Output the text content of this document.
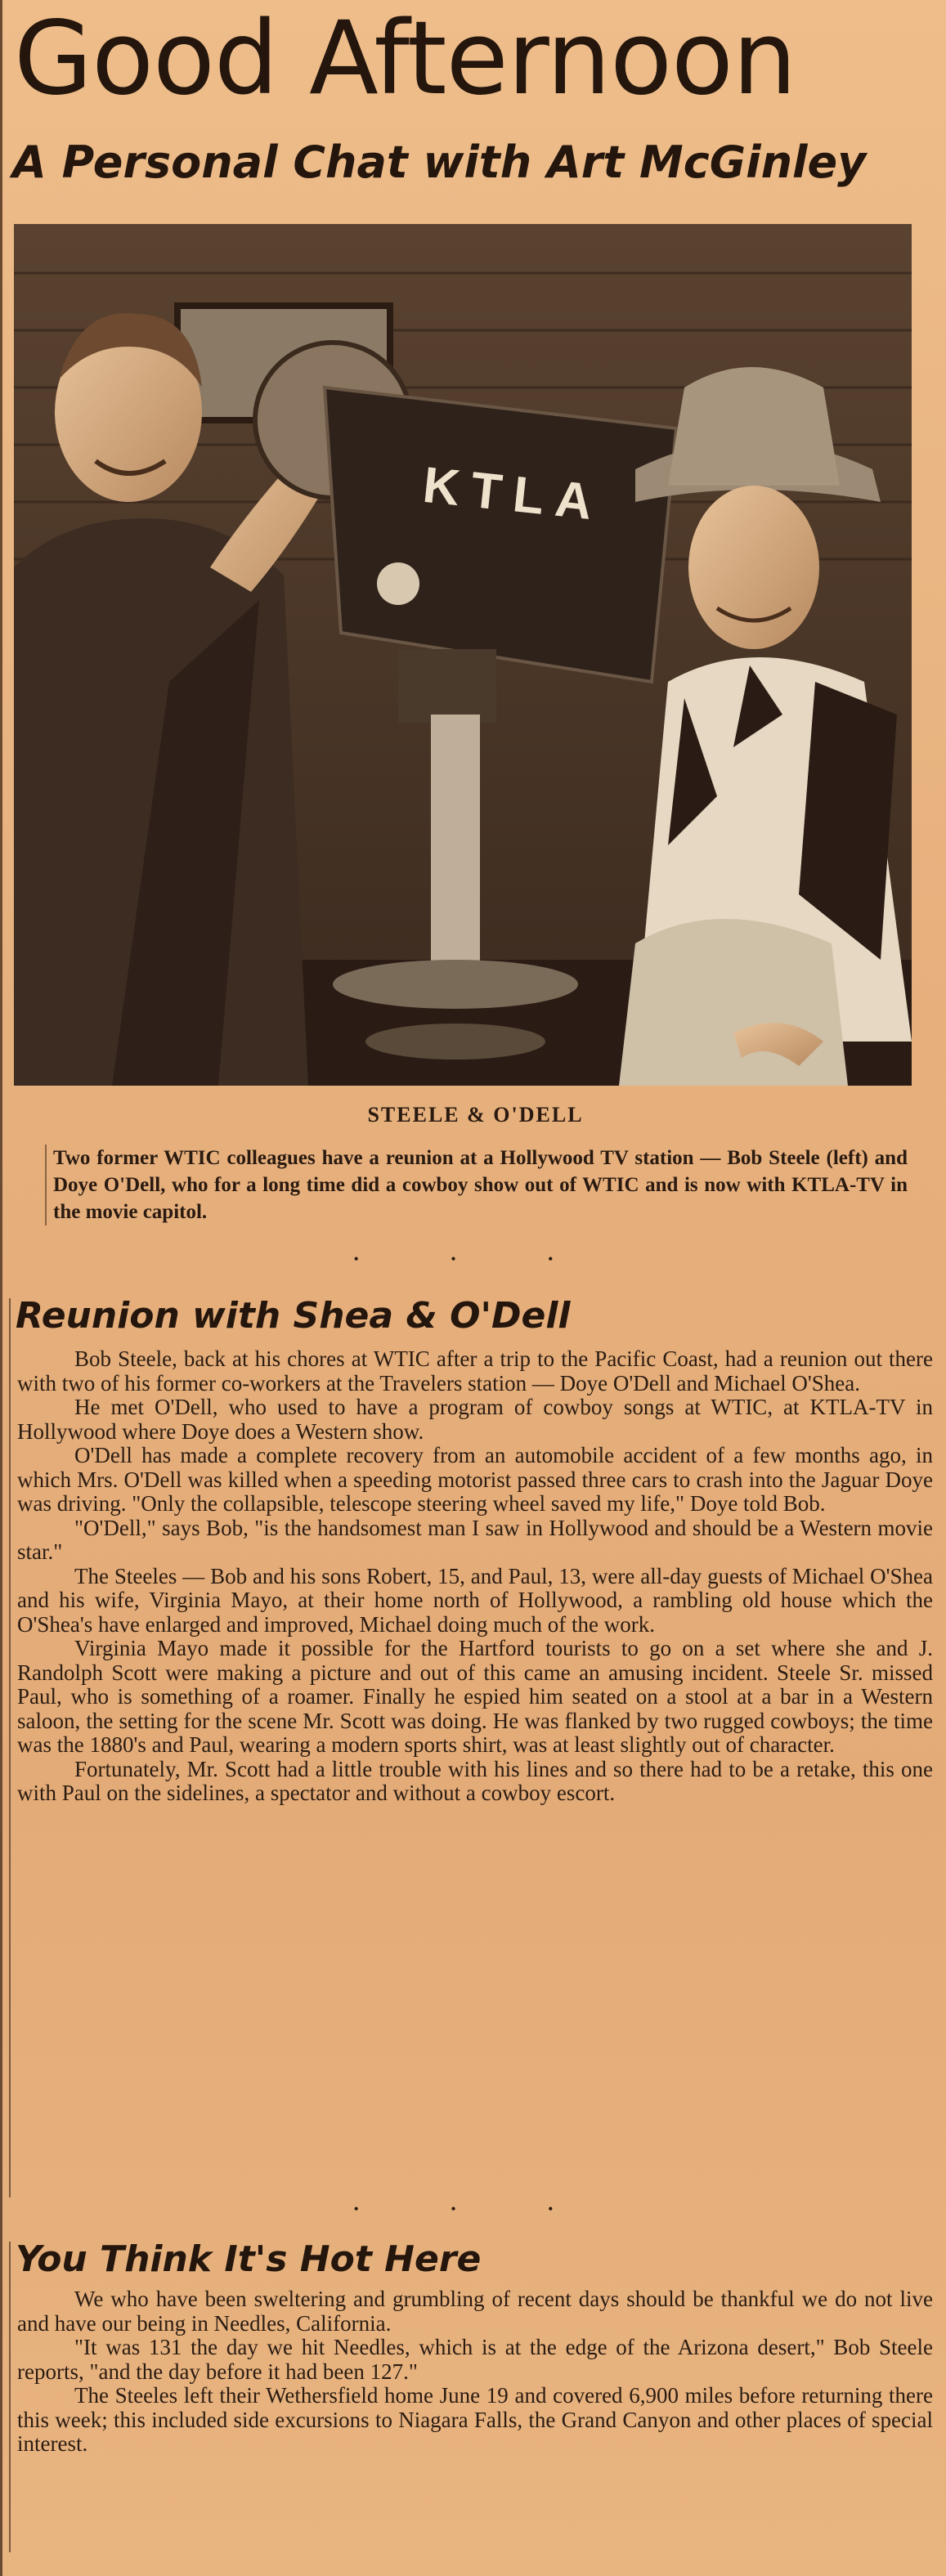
Good Afternoon
A Personal Chat with Art McGinley
KTLA
STEELE & O'DELL
Two former WTIC colleagues have a reunion at a Hollywood TV station — Bob Steele (left) and Doye O'Dell, who for a long time did a cowboy show out of WTIC and is now with KTLA-TV in the movie capitol.
• • •
Reunion with Shea & O'Dell

Bob Steele, back at his chores at WTIC after a trip to the Pacific Coast, had a reunion out there with two of his former co-workers at the Travelers station — Doye O'Dell and Michael O'Shea.

He met O'Dell, who used to have a program of cowboy songs at WTIC, at KTLA-TV in Hollywood where Doye does a Western show.

O'Dell has made a complete recovery from an automobile accident of a few months ago, in which Mrs. O'Dell was killed when a speeding motorist passed three cars to crash into the Jaguar Doye was driving. "Only the collapsible, telescope steering wheel saved my life," Doye told Bob.

"O'Dell," says Bob, "is the handsomest man I saw in Hollywood and should be a Western movie star."

The Steeles — Bob and his sons Robert, 15, and Paul, 13, were all-day guests of Michael O'Shea and his wife, Virginia Mayo, at their home north of Hollywood, a rambling old house which the O'Shea's have enlarged and improved, Michael doing much of the work.

Virginia Mayo made it possible for the Hartford tourists to go on a set where she and J. Randolph Scott were making a picture and out of this came an amusing incident. Steele Sr. missed Paul, who is something of a roamer. Finally he espied him seated on a stool at a bar in a Western saloon, the setting for the scene Mr. Scott was doing. He was flanked by two rugged cowboys; the time was the 1880's and Paul, wearing a modern sports shirt, was at least slightly out of character.

Fortunately, Mr. Scott had a little trouble with his lines and so there had to be a retake, this one with Paul on the sidelines, a spectator and without a cowboy escort.

• • •
You Think It's Hot Here

We who have been sweltering and grumbling of recent days should be thankful we do not live and have our being in Needles, California.

"It was 131 the day we hit Needles, which is at the edge of the Arizona desert," Bob Steele reports, "and the day before it had been 127."

The Steeles left their Wethersfield home June 19 and covered 6,900 miles before returning there this week; this included side excursions to Niagara Falls, the Grand Canyon and other places of special interest.
